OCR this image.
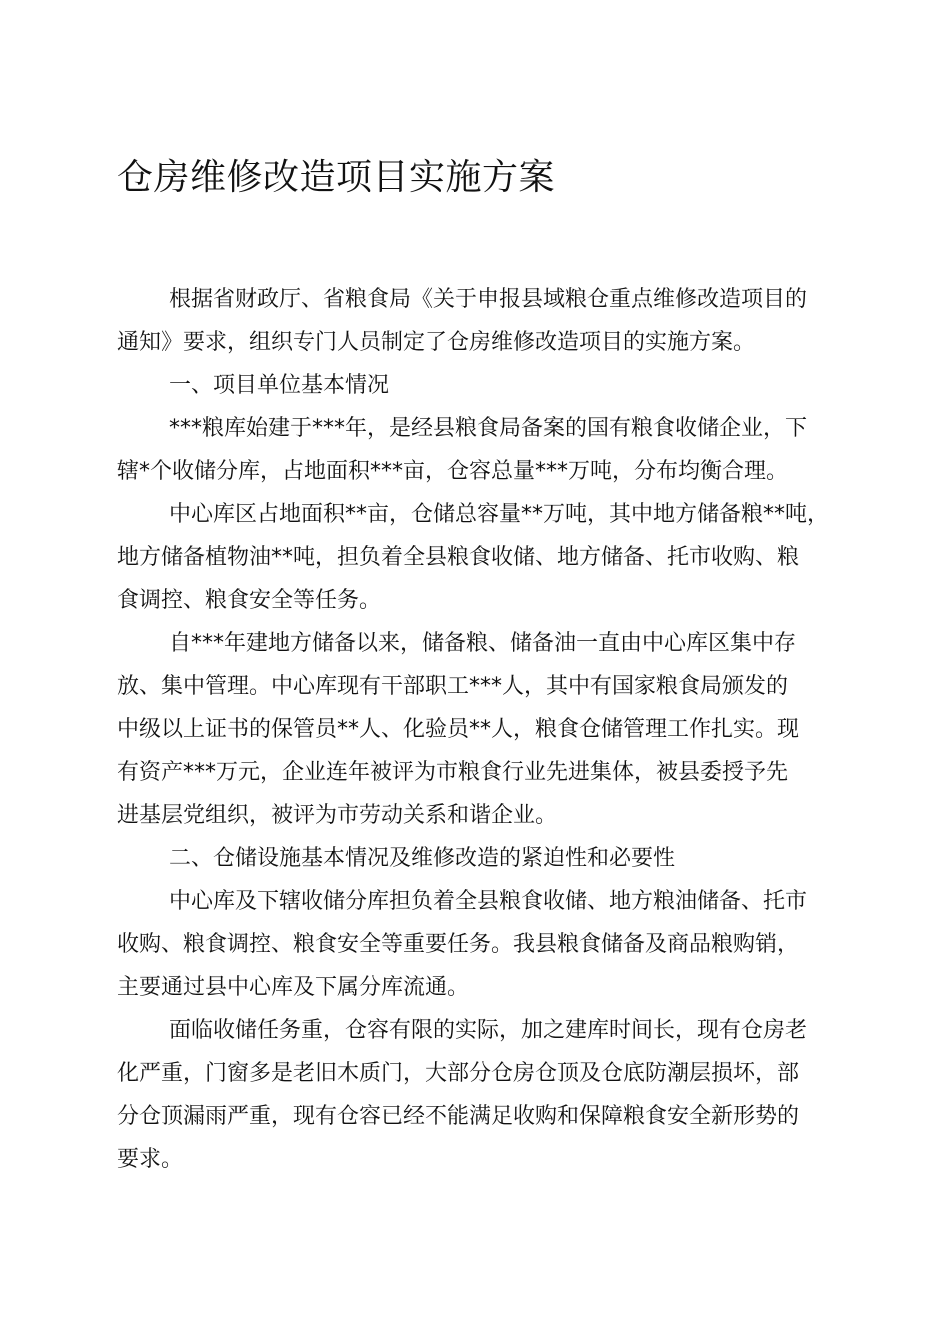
仓房维修改造项目实施方案
根据省财政厅、省粮食局《关于申报县域粮仓重点维修改造项目的
通知》要求，组织专门人员制定了仓房维修改造项目的实施方案。
一、项目单位基本情况
***粮库始建于***年，是经县粮食局备案的国有粮食收储企业，下
辖*个收储分库，占地面积***亩，仓容总量***万吨，分布均衡合理。
中心库区占地面积**亩，仓储总容量**万吨，其中地方储备粮**吨，
地方储备植物油**吨，担负着全县粮食收储、地方储备、托市收购、粮
食调控、粮食安全等任务。
自***年建地方储备以来，储备粮、储备油一直由中心库区集中存
放、集中管理。中心库现有干部职工***人，其中有国家粮食局颁发的
中级以上证书的保管员**人、化验员**人，粮食仓储管理工作扎实。现
有资产***万元，企业连年被评为市粮食行业先进集体，被县委授予先
进基层党组织，被评为市劳动关系和谐企业。
二、仓储设施基本情况及维修改造的紧迫性和必要性
中心库及下辖收储分库担负着全县粮食收储、地方粮油储备、托市
收购、粮食调控、粮食安全等重要任务。我县粮食储备及商品粮购销，
主要通过县中心库及下属分库流通。
面临收储任务重，仓容有限的实际，加之建库时间长，现有仓房老
化严重，门窗多是老旧木质门，大部分仓房仓顶及仓底防潮层损坏，部
分仓顶漏雨严重，现有仓容已经不能满足收购和保障粮食安全新形势的
要求。
